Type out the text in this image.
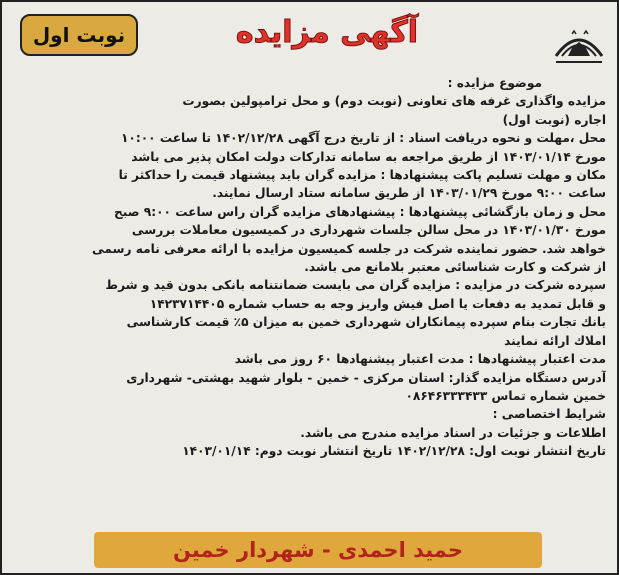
نوبت اول	آگهی مزایده
موضوع مزایده :
مزایده واگذاری غرفه های تعاونی (نوبت دوم) و محل ترامپولین بصورت
اجاره (نوبت اول)
محل ،مهلت و نحوه دریافت اسناد : از تاریخ درج آگهی ۱۴۰۲/۱۲/۲۸ تا ساعت ۱۰:۰۰
مورخ ۱۴۰۳/۰۱/۱۴ از طریق مراجعه به سامانه تداركات دولت امكان پذیر می باشد
مكان و مهلت تسلیم پاكت پیشنهادها : مزایده گران باید پیشنهاد قیمت را حداكثر تا
ساعت ۹:۰۰ مورخ ۱۴۰۳/۰۱/۲۹ از طریق سامانه ستاد ارسال نمایند.
محل و زمان بازگشائی پیشنهادها : پیشنهادهای مزایده گران راس ساعت ۹:۰۰ صبح
مورخ ۱۴۰۳/۰۱/۳۰ در محل سالن جلسات شهرداری در كمیسیون معاملات بررسی
خواهد شد. حضور نماینده شركت در جلسه كمیسیون مزایده با ارائه معرفی نامه رسمی
از شركت و كارت شناسائی معتبر بلامانع می باشد.
سپرده شركت در مزایده : مزایده گران می بایست ضمانتنامه بانكی بدون قید و شرط
و قابل تمدید به دفعات یا اصل فیش واریز وجه به حساب شماره ۱۴۲۳۷۱۴۴۰۵
بانك تجارت بنام سپرده پیمانكاران شهرداری خمین به میزان ۵٪ قیمت كارشناسی
املاك ارائه نمایند
مدت اعتبار پیشنهادها : مدت اعتبار پیشنهادها ۶۰ روز می باشد
آدرس دستگاه مزایده گذار: استان مركزی - خمین - بلوار شهید بهشتی- شهرداری
خمین شماره تماس ۰۸۶۴۶۳۳۳۴۳۳
شرایط اختصاصی :
اطلاعات و جزئیات در اسناد مزایده مندرج می باشد.
تاریخ انتشار نوبت اول: ۱۴۰۲/۱۲/۲۸ تاریخ انتشار نوبت دوم: ۱۴۰۳/۰۱/۱۴
حمید احمدی - شهردار خمین
